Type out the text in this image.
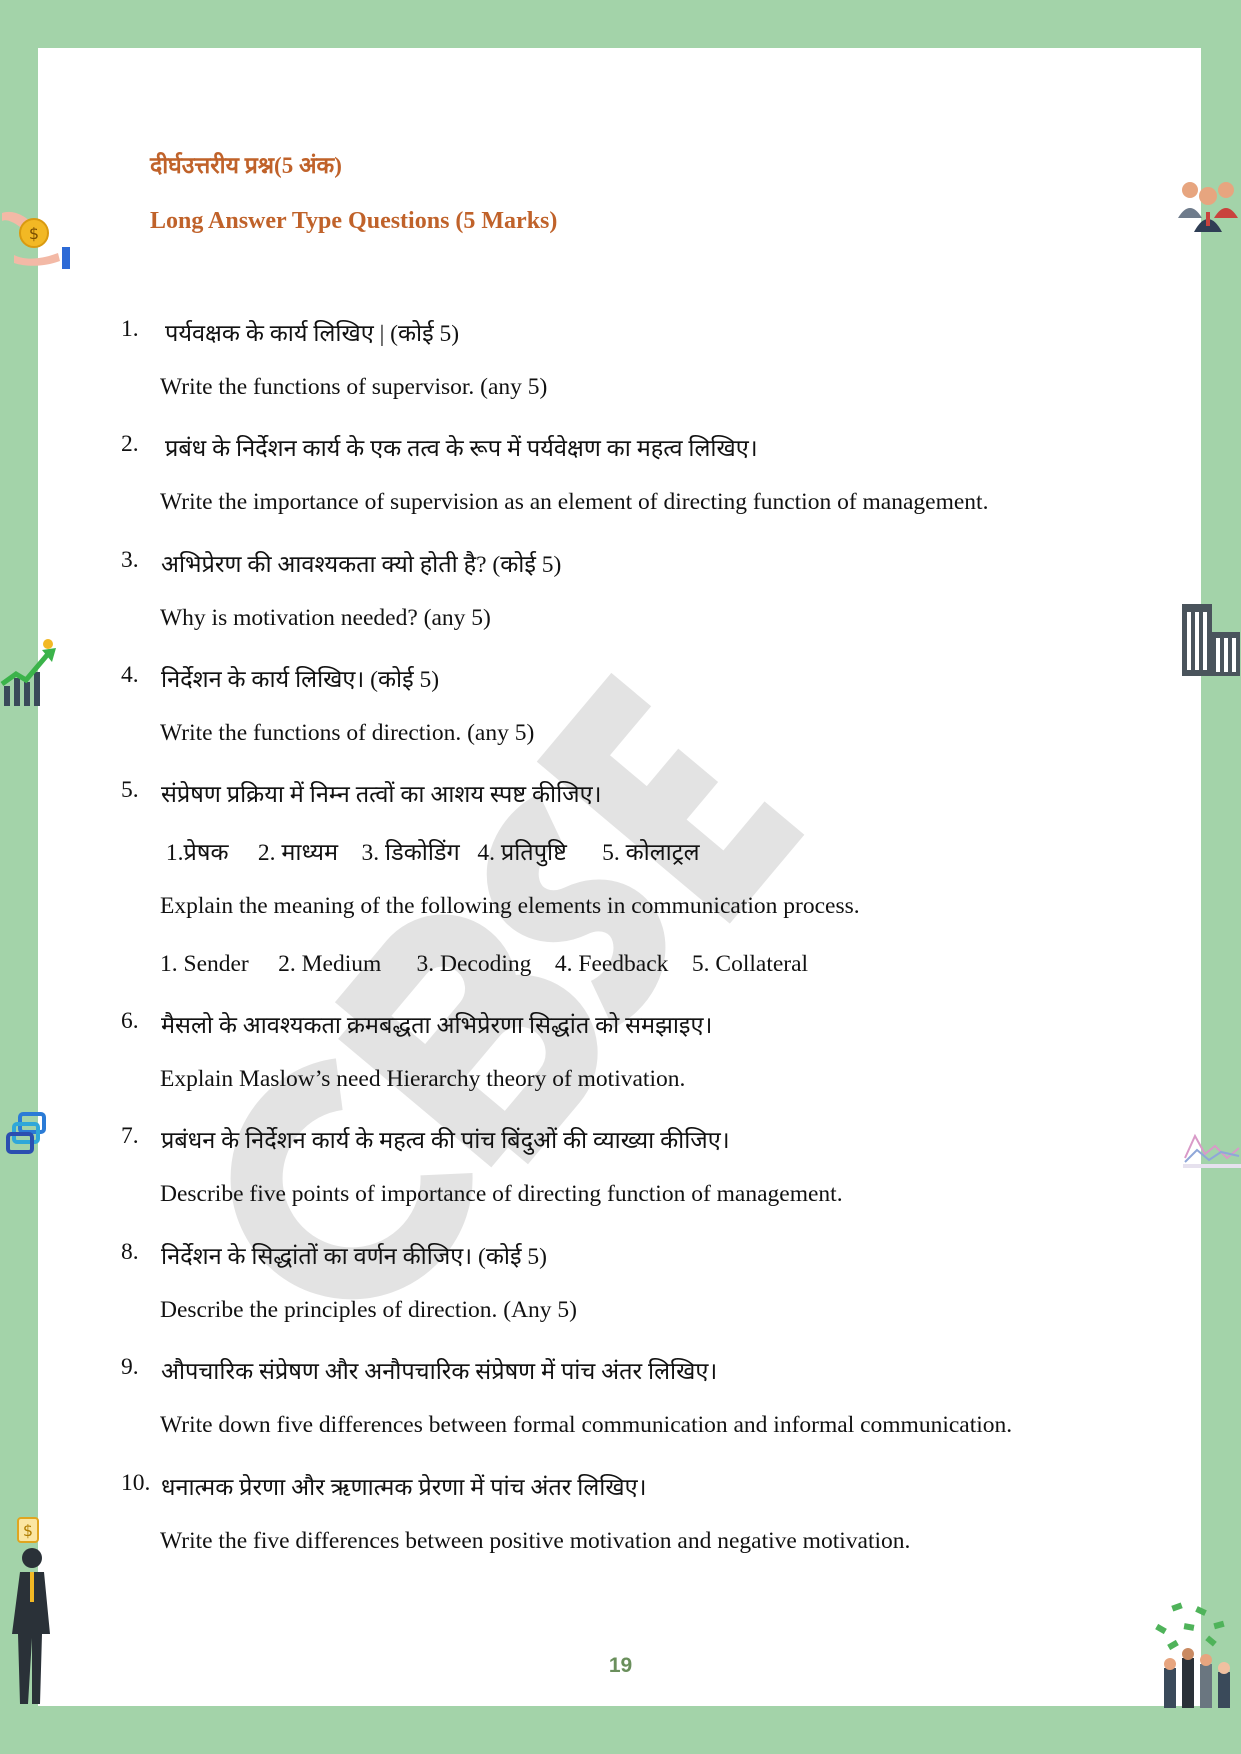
दीर्घउत्तरीय प्रश्न(5 अंक)
Long Answer Type Questions (5 Marks)
1. पर्यवक्षक के कार्य लिखिए | (कोई 5)
Write the functions of supervisor. (any 5)
2. प्रबंध के निर्देशन कार्य के एक तत्व के रूप में पर्यवेक्षण का महत्व लिखिए।
Write the importance of supervision as an element of directing function of management.
3. अभिप्रेरण की आवश्यकता क्यो होती है? (कोई 5)
Why is motivation needed? (any 5)
4. निर्देशन के कार्य लिखिए। (कोई 5)
Write the functions of direction. (any 5)
5. संप्रेषण प्रक्रिया में निम्न तत्वों का आशय स्पष्ट कीजिए।
1.प्रेषक     2. माध्यम    3. डिकोडिंग   4. प्रतिपुष्टि      5. कोलाट्रल
Explain the meaning of the following elements in communication process.
1. Sender     2. Medium      3. Decoding    4. Feedback    5. Collateral
6. मैसलो के आवश्यकता क्रमबद्धता अभिप्रेरणा सिद्धांत को समझाइए।
Explain Maslow’s need Hierarchy theory of motivation.
7. प्रबंधन के निर्देशन कार्य के महत्व की पांच बिंदुओं की व्याख्या कीजिए।
Describe five points of importance of directing function of management.
8. निर्देशन के सिद्धांतों का वर्णन कीजिए। (कोई 5)
Describe the principles of direction. (Any 5)
9. औपचारिक संप्रेषण और अनौपचारिक संप्रेषण में पांच अंतर लिखिए।
Write down five differences between formal communication and informal communication.
10. धनात्मक प्रेरणा और ऋणात्मक प्रेरणा में पांच अंतर लिखिए।
Write the five differences between positive motivation and negative motivation.
19
$
$
